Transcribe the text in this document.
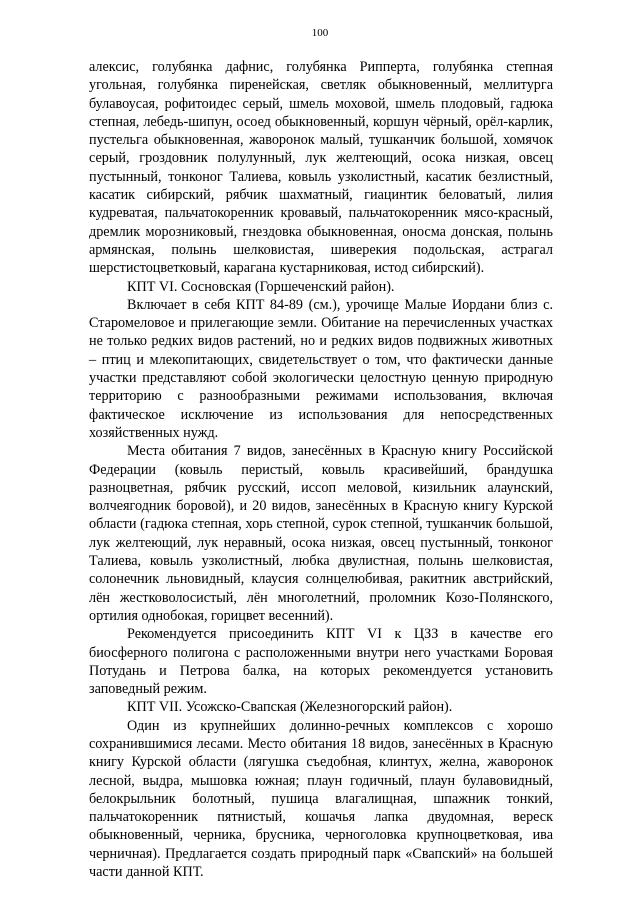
100

алексис, голубянка дафнис, голубянка Рипперта, голубянка степная угольная, голубянка пиренейская, светляк обыкновенный, меллитурга булавоусая, рофитоидес серый, шмель моховой, шмель плодовый, гадюка степная, лебедь-шипун, осоед обыкновенный, коршун чёрный, орёл-карлик, пустельга обыкновенная, жаворонок малый, тушканчик большой, хомячок серый, гроздовник полулунный, лук желтеющий, осока низкая, овсец пустынный, тонконог Талиева, ковыль узколистный, касатик безлистный, касатик сибирский, рябчик шахматный, гиацинтик беловатый, лилия кудреватая, пальчатокоренник кровавый, пальчатокоренник мясо-красный, дремлик морозниковый, гнездовка обыкновенная, оносма донская, полынь армянская, полынь шелковистая, шиверекия подольская, астрагал шерстистоцветковый, карагана кустарниковая, истод сибирский).

КПТ VI. Сосновская (Горшеченский район).

Включает в себя КПТ 84-89 (см.), урочище Малые Иордани близ с. Старомеловое и прилегающие земли. Обитание на перечисленных участках не только редких видов растений, но и редких видов подвижных животных – птиц и млекопитающих, свидетельствует о том, что фактически данные участки представляют собой экологически целостную ценную природную территорию с разнообразными режимами использования, включая фактическое исключение из использования для непосредственных хозяйственных нужд.

Места обитания 7 видов, занесённых в Красную книгу Российской Федерации (ковыль перистый, ковыль красивейший, брандушка разноцветная, рябчик русский, иссоп меловой, кизильник алаунский, волчеягодник боровой), и 20 видов, занесённых в Красную книгу Курской области (гадюка степная, хорь степной, сурок степной, тушканчик большой, лук желтеющий, лук неравный, осока низкая, овсец пустынный, тонконог Талиева, ковыль узколистный, любка двулистная, полынь шелковистая, солонечник льновидный, клаусия солнцелюбивая, ракитник австрийский, лён жестковолосистый, лён многолетний, проломник Козо-Полянского, ортилия однобокая, горицвет весенний).

Рекомендуется присоединить КПТ VI к ЦЗЗ в качестве его биосферного полигона с расположенными внутри него участками Боровая Потудань и Петрова балка, на которых рекомендуется установить заповедный режим.

КПТ VII. Усожско-Свапская (Железногорский район).

Один из крупнейших долинно-речных комплексов с хорошо сохранившимися лесами. Место обитания 18 видов, занесённых в Красную книгу Курской области (лягушка съедобная, клинтух, желна, жаворонок лесной, выдра, мышовка южная; плаун годичный, плаун булавовидный, белокрыльник болотный, пушица влагалищная, шпажник тонкий, пальчатокоренник пятнистый, кошачья лапка двудомная, вереск обыкновенный, черника, брусника, черноголовка крупноцветковая, ива черничная). Предлагается создать природный парк «Свапский» на большей части данной КПТ.
